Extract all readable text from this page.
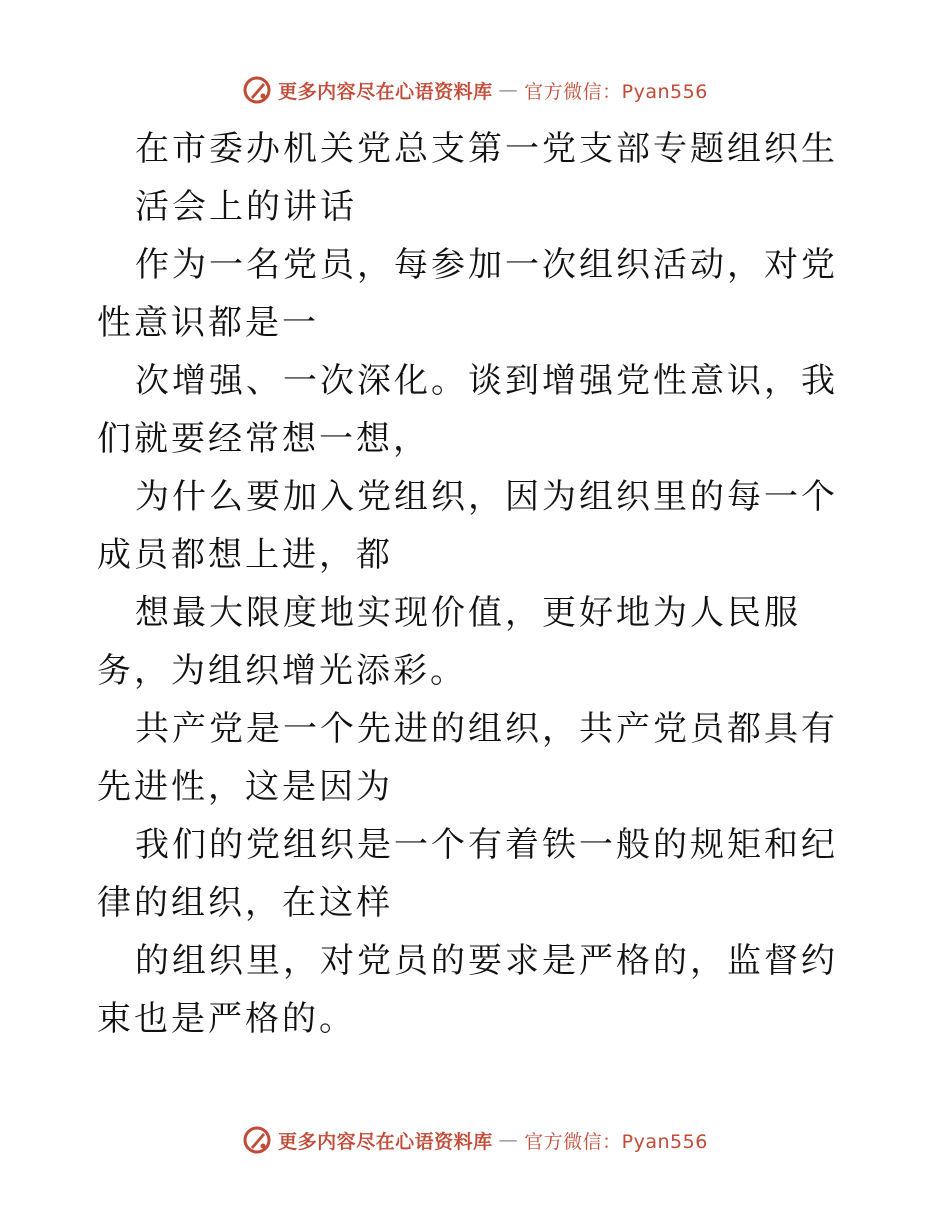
更多内容尽在心语资料库 — 官方微信：Pyan556

在市委办机关党总支第一党支部专题组织生

活会上的讲话

作为一名党员，每参加一次组织活动，对党性意识都是一

次增强、一次深化。谈到增强党性意识，我们就要经常想一想，

为什么要加入党组织，因为组织里的每一个成员都想上进，都

想最大限度地实现价值，更好地为人民服务，为组织增光添彩。

共产党是一个先进的组织，共产党员都具有先进性，这是因为

我们的党组织是一个有着铁一般的规矩和纪律的组织，在这样

的组织里，对党员的要求是严格的，监督约束也是严格的。

更多内容尽在心语资料库 — 官方微信：Pyan556
